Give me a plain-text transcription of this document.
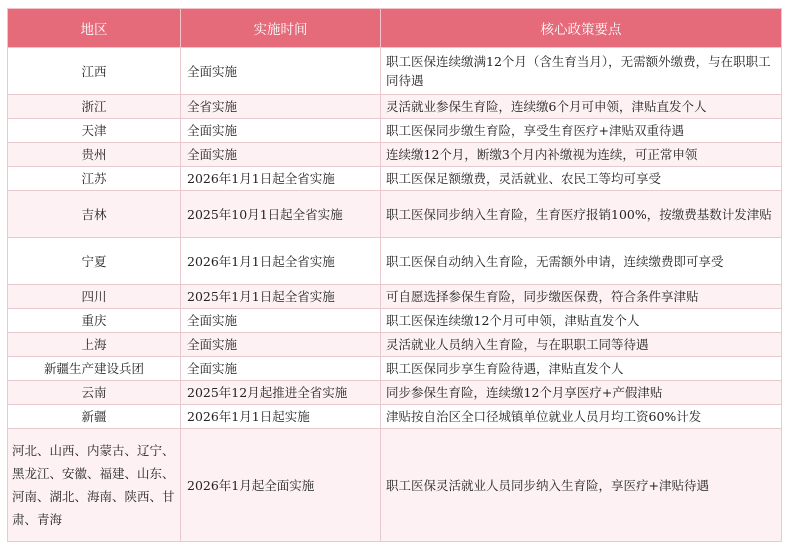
地区	实施时间	核心政策要点
江西	全面实施	职工医保连续缴满12个月（含生育当月），无需额外缴费，与在职职工同待遇
浙江	全省实施	灵活就业参保生育险，连续缴6个月可申领，津贴直发个人
天津	全面实施	职工医保同步缴生育险，享受生育医疗+津贴双重待遇
贵州	全面实施	连续缴12个月，断缴3个月内补缴视为连续，可正常申领
江苏	2026年1月1日起全省实施	职工医保足额缴费，灵活就业、农民工等均可享受
吉林	2025年10月1日起全省实施	职工医保同步纳入生育险，生育医疗报销100%，按缴费基数计发津贴
宁夏	2026年1月1日起全省实施	职工医保自动纳入生育险，无需额外申请，连续缴费即可享受
四川	2025年1月1日起全省实施	可自愿选择参保生育险，同步缴医保费，符合条件享津贴
重庆	全面实施	职工医保连续缴12个月可申领，津贴直发个人
上海	全面实施	灵活就业人员纳入生育险，与在职职工同等待遇
新疆生产建设兵团	全面实施	职工医保同步享生育险待遇，津贴直发个人
云南	2025年12月起推进全省实施	同步参保生育险，连续缴12个月享医疗+产假津贴
新疆	2026年1月1日起实施	津贴按自治区全口径城镇单位就业人员月均工资60%计发
河北、山西、内蒙古、辽宁、黑龙江、安徽、福建、山东、河南、湖北、海南、陕西、甘肃、青海	2026年1月起全面实施	职工医保灵活就业人员同步纳入生育险，享医疗+津贴待遇
